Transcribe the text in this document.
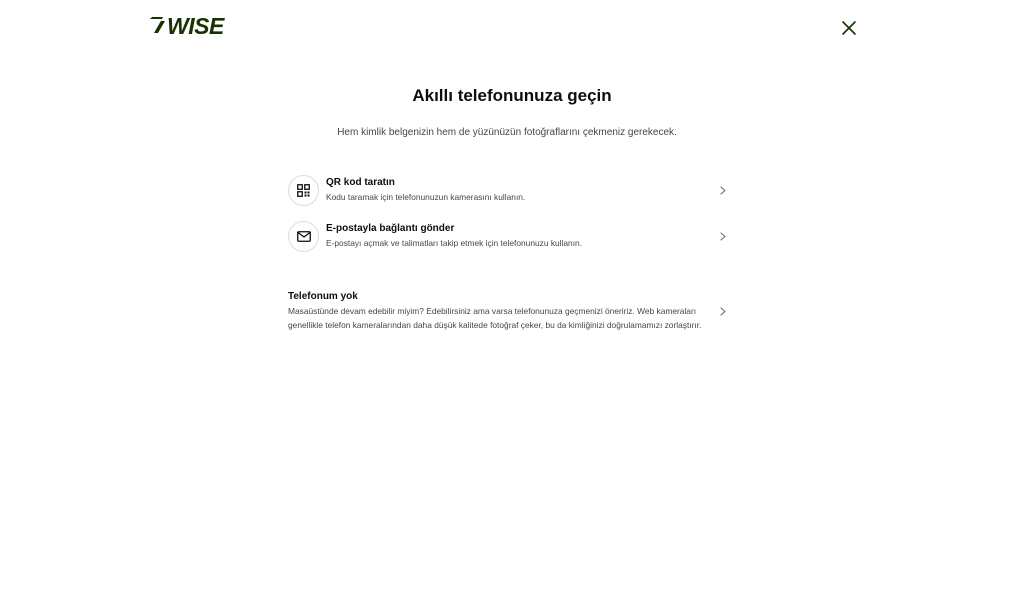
WISE
Akıllı telefonunuza geçin

Hem kimlik belgenizin hem de yüzünüzün fotoğraflarını çekmeniz gerekecek.

QR kod taratın
Kodu taramak için telefonunuzun kamerasını kullanın.
E-postayla bağlantı gönder
E-postayı açmak ve talimatları takip etmek için telefonunuzu kullanın.
Telefonum yok
Masaüstünde devam edebilir miyim? Edebilirsiniz ama varsa telefonunuza geçmenizi öneririz. Web kameraları genellikle telefon kameralarından daha düşük kalitede fotoğraf çeker, bu da kimliğinizi doğrulamamızı zorlaştırır.
